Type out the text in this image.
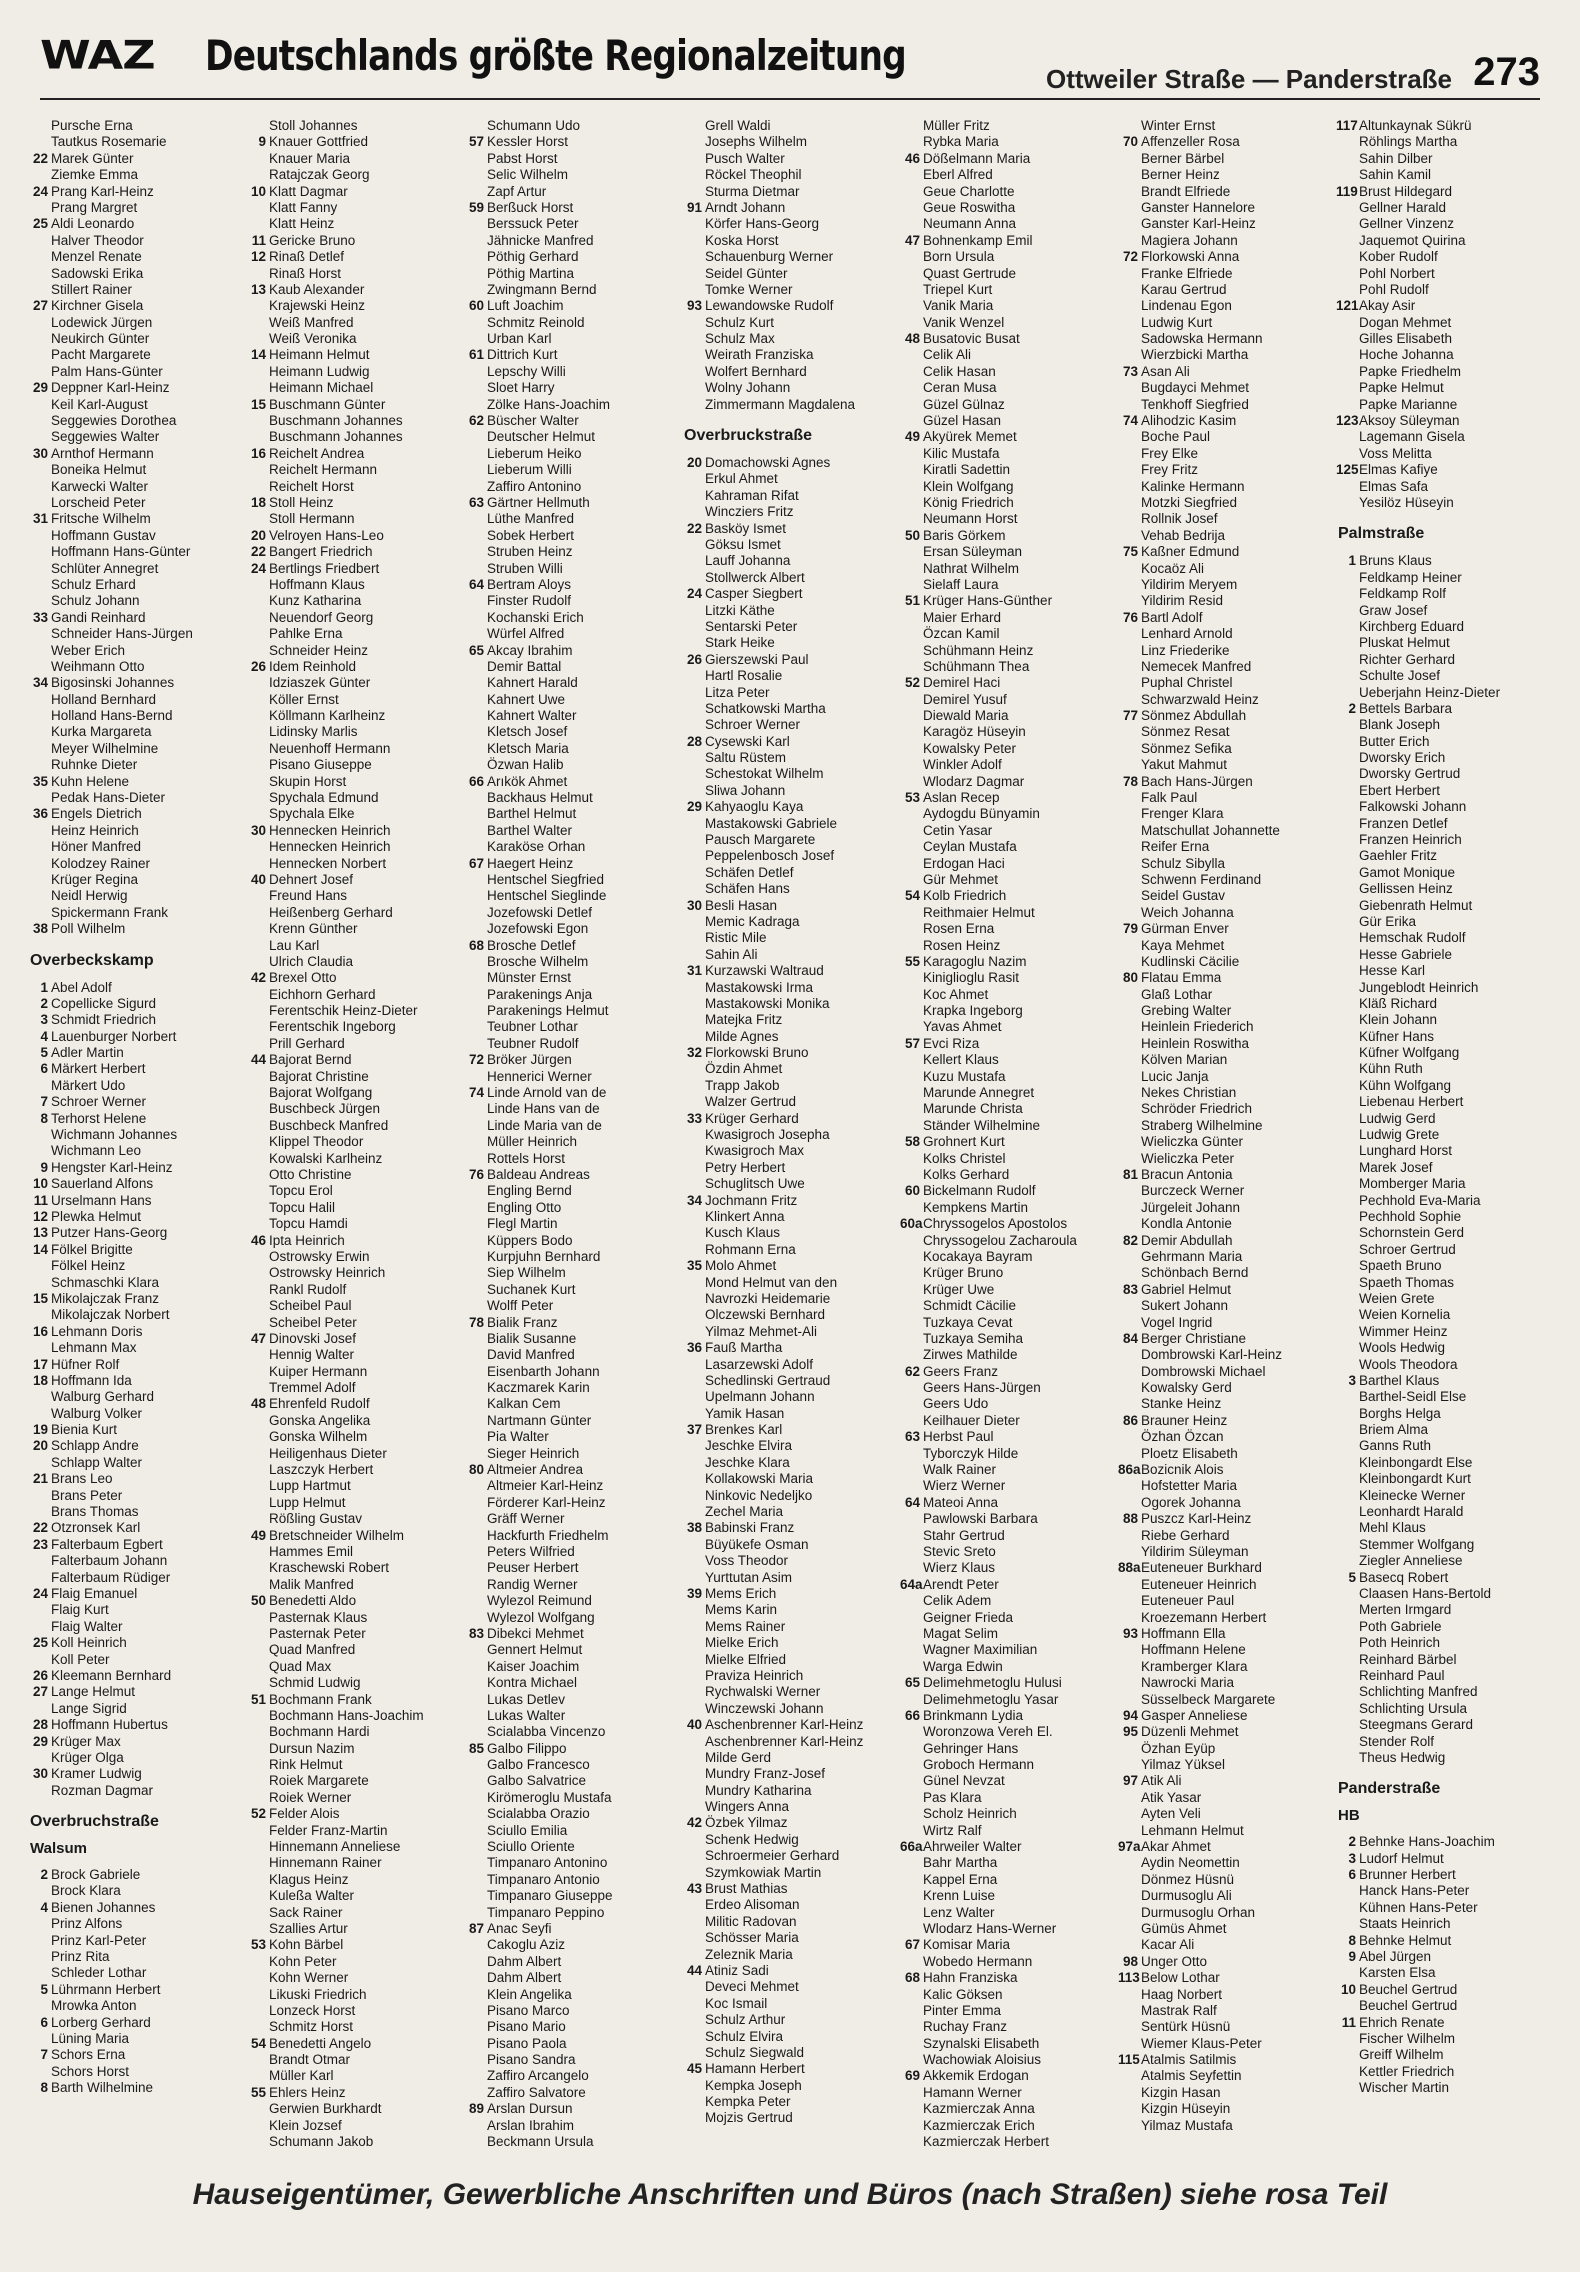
WAZ Deutschlands größte Regionalzeitung	Ottweiler Straße — Panderstraße 273
Pursche Erna
Tautkus Rosemarie
22 Marek Günter
Ziemke Emma
24 Prang Karl-Heinz
Prang Margret
25 Aldi Leonardo
Halver Theodor
Menzel Renate
Sadowski Erika
Stillert Rainer
27 Kirchner Gisela
Lodewick Jürgen
Neukirch Günter
Pacht Margarete
Palm Hans-Günter
29 Deppner Karl-Heinz
Keil Karl-August
Seggewies Dorothea
Seggewies Walter
30 Arnthof Hermann
Boneika Helmut
Karwecki Walter
Lorscheid Peter
31 Fritsche Wilhelm
Hoffmann Gustav
Hoffmann Hans-Günter
Schlüter Annegret
Schulz Erhard
Schulz Johann
33 Gandi Reinhard
Schneider Hans-Jürgen
Weber Erich
Weihmann Otto
34 Bigosinski Johannes
Holland Bernhard
Holland Hans-Bernd
Kurka Margareta
Meyer Wilhelmine
Ruhnke Dieter
35 Kuhn Helene
Pedak Hans-Dieter
36 Engels Dietrich
Heinz Heinrich
Höner Manfred
Kolodzey Rainer
Krüger Regina
Neidl Herwig
Spickermann Frank
38 Poll Wilhelm
Overbeckskamp
1 Abel Adolf
2 Copellicke Sigurd
3 Schmidt Friedrich
4 Lauenburger Norbert
5 Adler Martin
6 Märkert Herbert
Märkert Udo
7 Schroer Werner
8 Terhorst Helene
Wichmann Johannes
Wichmann Leo
9 Hengster Karl-Heinz
10 Sauerland Alfons
11 Urselmann Hans
12 Plewka Helmut
13 Putzer Hans-Georg
14 Fölkel Brigitte
Fölkel Heinz
Schmaschki Klara
15 Mikolajczak Franz
Mikolajczak Norbert
16 Lehmann Doris
Lehmann Max
17 Hüfner Rolf
18 Hoffmann Ida
Walburg Gerhard
Walburg Volker
19 Bienia Kurt
20 Schlapp Andre
Schlapp Walter
21 Brans Leo
Brans Peter
Brans Thomas
22 Otzronsek Karl
23 Falterbaum Egbert
Falterbaum Johann
Falterbaum Rüdiger
24 Flaig Emanuel
Flaig Kurt
Flaig Walter
25 Koll Heinrich
Koll Peter
26 Kleemann Bernhard
27 Lange Helmut
Lange Sigrid
28 Hoffmann Hubertus
29 Krüger Max
Krüger Olga
30 Kramer Ludwig
Rozman Dagmar
Overbruchstraße
Walsum
2 Brock Gabriele
Brock Klara
4 Bienen Johannes
Prinz Alfons
Prinz Karl-Peter
Prinz Rita
Schleder Lothar
5 Lührmann Herbert
Mrowka Anton
6 Lorberg Gerhard
Lüning Maria
7 Schors Erna
Schors Horst
8 Barth Wilhelmine
Stoll Johannes
9 Knauer Gottfried
Knauer Maria
Ratajczak Georg
10 Klatt Dagmar
Klatt Fanny
Klatt Heinz
11 Gericke Bruno
12 Rinaß Detlef
Rinaß Horst
13 Kaub Alexander
Krajewski Heinz
Weiß Manfred
Weiß Veronika
14 Heimann Helmut
Heimann Ludwig
Heimann Michael
15 Buschmann Günter
Buschmann Johannes
Buschmann Johannes
16 Reichelt Andrea
Reichelt Hermann
Reichelt Horst
18 Stoll Heinz
Stoll Hermann
20 Velroyen Hans-Leo
22 Bangert Friedrich
24 Bertlings Friedbert
Hoffmann Klaus
Kunz Katharina
Neuendorf Georg
Pahlke Erna
Schneider Heinz
26 Idem Reinhold
Idziaszek Günter
Köller Ernst
Köllmann Karlheinz
Lidinsky Marlis
Neuenhoff Hermann
Pisano Giuseppe
Skupin Horst
Spychala Edmund
Spychala Elke
30 Hennecken Heinrich
Hennecken Heinrich
Hennecken Norbert
40 Dehnert Josef
Freund Hans
Heißenberg Gerhard
Krenn Günther
Lau Karl
Ulrich Claudia
42 Brexel Otto
Eichhorn Gerhard
Ferentschik Heinz-Dieter
Ferentschik Ingeborg
Prill Gerhard
44 Bajorat Bernd
Bajorat Christine
Bajorat Wolfgang
Buschbeck Jürgen
Buschbeck Manfred
Klippel Theodor
Kowalski Karlheinz
Otto Christine
Topcu Erol
Topcu Halil
Topcu Hamdi
46 Ipta Heinrich
Ostrowsky Erwin
Ostrowsky Heinrich
Rankl Rudolf
Scheibel Paul
Scheibel Peter
47 Dinovski Josef
Hennig Walter
Kuiper Hermann
Tremmel Adolf
48 Ehrenfeld Rudolf
Gonska Angelika
Gonska Wilhelm
Heiligenhaus Dieter
Laszczyk Herbert
Lupp Hartmut
Lupp Helmut
Rößling Gustav
49 Bretschneider Wilhelm
Hammes Emil
Kraschewski Robert
Malik Manfred
50 Benedetti Aldo
Pasternak Klaus
Pasternak Peter
Quad Manfred
Quad Max
Schmid Ludwig
51 Bochmann Frank
Bochmann Hans-Joachim
Bochmann Hardi
Dursun Nazim
Rink Helmut
Roiek Margarete
Roiek Werner
52 Felder Alois
Felder Franz-Martin
Hinnemann Anneliese
Hinnemann Rainer
Klagus Heinz
Kuleßa Walter
Sack Rainer
Szallies Artur
53 Kohn Bärbel
Kohn Peter
Kohn Werner
Likuski Friedrich
Lonzeck Horst
Schmitz Horst
54 Benedetti Angelo
Brandt Otmar
Müller Karl
55 Ehlers Heinz
Gerwien Burkhardt
Klein Jozsef
Schumann Jakob
Schumann Udo
57 Kessler Horst
Pabst Horst
Selic Wilhelm
Zapf Artur
59 Berßuck Horst
Berssuck Peter
Jähnicke Manfred
Pöthig Gerhard
Pöthig Martina
Zwingmann Bernd
60 Luft Joachim
Schmitz Reinold
Urban Karl
61 Dittrich Kurt
Lepschy Willi
Sloet Harry
Zölke Hans-Joachim
62 Büscher Walter
Deutscher Helmut
Lieberum Heiko
Lieberum Willi
Zaffiro Antonino
63 Gärtner Hellmuth
Lüthe Manfred
Sobek Herbert
Struben Heinz
Struben Willi
64 Bertram Aloys
Finster Rudolf
Kochanski Erich
Würfel Alfred
65 Akcay Ibrahim
Demir Battal
Kahnert Harald
Kahnert Uwe
Kahnert Walter
Kletsch Josef
Kletsch Maria
Özwan Halib
66 Arıkök Ahmet
Backhaus Helmut
Barthel Helmut
Barthel Walter
Karaköse Orhan
67 Haegert Heinz
Hentschel Siegfried
Hentschel Sieglinde
Jozefowski Detlef
Jozefowski Egon
68 Brosche Detlef
Brosche Wilhelm
Münster Ernst
Parakenings Anja
Parakenings Helmut
Teubner Lothar
Teubner Rudolf
72 Bröker Jürgen
Hennerici Werner
74 Linde Arnold van de
Linde Hans van de
Linde Maria van de
Müller Heinrich
Rottels Horst
76 Baldeau Andreas
Engling Bernd
Engling Otto
Flegl Martin
Küppers Bodo
Kurpjuhn Bernhard
Siep Wilhelm
Suchanek Kurt
Wolff Peter
78 Bialik Franz
Bialik Susanne
David Manfred
Eisenbarth Johann
Kaczmarek Karin
Kalkan Cem
Nartmann Günter
Pia Walter
Sieger Heinrich
80 Altmeier Andrea
Altmeier Karl-Heinz
Förderer Karl-Heinz
Gräff Werner
Hackfurth Friedhelm
Peters Wilfried
Peuser Herbert
Randig Werner
Wylezol Reimund
Wylezol Wolfgang
83 Dibekci Mehmet
Gennert Helmut
Kaiser Joachim
Kontra Michael
Lukas Detlev
Lukas Walter
Scialabba Vincenzo
85 Galbo Filippo
Galbo Francesco
Galbo Salvatrice
Kirömeroglu Mustafa
Scialabba Orazio
Sciullo Emilia
Sciullo Oriente
Timpanaro Antonino
Timpanaro Antonio
Timpanaro Giuseppe
Timpanaro Peppino
87 Anac Seyfi
Cakoglu Aziz
Dahm Albert
Dahm Albert
Klein Angelika
Pisano Marco
Pisano Mario
Pisano Paola
Pisano Sandra
Zaffiro Arcangelo
Zaffiro Salvatore
89 Arslan Dursun
Arslan Ibrahim
Beckmann Ursula
Grell Waldi
Josephs Wilhelm
Pusch Walter
Röckel Theophil
Sturma Dietmar
91 Arndt Johann
Körfer Hans-Georg
Koska Horst
Schauenburg Werner
Seidel Günter
Tomke Werner
93 Lewandowske Rudolf
Schulz Kurt
Schulz Max
Weirath Franziska
Wolfert Bernhard
Wolny Johann
Zimmermann Magdalena
Overbruckstraße
20 Domachowski Agnes
Erkul Ahmet
Kahraman Rifat
Wincziers Fritz
22 Basköy Ismet
Göksu Ismet
Lauff Johanna
Stollwerck Albert
24 Casper Siegbert
Litzki Käthe
Sentarski Peter
Stark Heike
26 Gierszewski Paul
Hartl Rosalie
Litza Peter
Schatkowski Martha
Schroer Werner
28 Cysewski Karl
Saltu Rüstem
Schestokat Wilhelm
Sliwa Johann
29 Kahyaoglu Kaya
Mastakowski Gabriele
Pausch Margarete
Peppelenbosch Josef
Schäfen Detlef
Schäfen Hans
30 Besli Hasan
Memic Kadraga
Ristic Mile
Sahin Ali
31 Kurzawski Waltraud
Mastakowski Irma
Mastakowski Monika
Matejka Fritz
Milde Agnes
32 Florkowski Bruno
Özdin Ahmet
Trapp Jakob
Walzer Gertrud
33 Krüger Gerhard
Kwasigroch Josepha
Kwasigroch Max
Petry Herbert
Schuglitsch Uwe
34 Jochmann Fritz
Klinkert Anna
Kusch Klaus
Rohmann Erna
35 Molo Ahmet
Mond Helmut van den
Navrozki Heidemarie
Olczewski Bernhard
Yilmaz Mehmet-Ali
36 Fauß Martha
Lasarzewski Adolf
Schedlinski Gertraud
Upelmann Johann
Yamik Hasan
37 Brenkes Karl
Jeschke Elvira
Jeschke Klara
Kollakowski Maria
Ninkovic Nedeljko
Zechel Maria
38 Babinski Franz
Büyükefe Osman
Voss Theodor
Yurttutan Asim
39 Mems Erich
Mems Karin
Mems Rainer
Mielke Erich
Mielke Elfried
Praviza Heinrich
Rychwalski Werner
Winczewski Johann
40 Aschenbrenner Karl-Heinz
Aschenbrenner Karl-Heinz
Milde Gerd
Mundry Franz-Josef
Mundry Katharina
Wingers Anna
42 Özbek Yilmaz
Schenk Hedwig
Schroermeier Gerhard
Szymkowiak Martin
43 Brust Mathias
Erdeo Alisoman
Militic Radovan
Schösser Maria
Zeleznik Maria
44 Atiniz Sadi
Deveci Mehmet
Koc Ismail
Schulz Arthur
Schulz Elvira
Schulz Siegwald
45 Hamann Herbert
Kempka Joseph
Kempka Peter
Mojzis Gertrud
Müller Fritz
Rybka Maria
46 Dößelmann Maria
Eberl Alfred
Geue Charlotte
Geue Roswitha
Neumann Anna
47 Bohnenkamp Emil
Born Ursula
Quast Gertrude
Triepel Kurt
Vanik Maria
Vanik Wenzel
48 Busatovic Busat
Celik Ali
Celik Hasan
Ceran Musa
Güzel Gülnaz
Güzel Hasan
49 Akyürek Memet
Kilic Mustafa
Kiratli Sadettin
Klein Wolfgang
König Friedrich
Neumann Horst
50 Baris Görkem
Ersan Süleyman
Nathrat Wilhelm
Sielaff Laura
51 Krüger Hans-Günther
Maier Erhard
Özcan Kamil
Schühmann Heinz
Schühmann Thea
52 Demirel Haci
Demirel Yusuf
Diewald Maria
Karagöz Hüseyin
Kowalsky Peter
Winkler Adolf
Wlodarz Dagmar
53 Aslan Recep
Aydogdu Bünyamin
Cetin Yasar
Ceylan Mustafa
Erdogan Haci
Gür Mehmet
54 Kolb Friedrich
Reithmaier Helmut
Rosen Erna
Rosen Heinz
55 Karagoglu Nazim
Kiniglioglu Rasit
Koc Ahmet
Krapka Ingeborg
Yavas Ahmet
57 Evci Riza
Kellert Klaus
Kuzu Mustafa
Marunde Annegret
Marunde Christa
Ständer Wilhelmine
58 Grohnert Kurt
Kolks Christel
Kolks Gerhard
60 Bickelmann Rudolf
Kempkens Martin
60aChryssogelos Apostolos
Chryssogelou Zacharoula
Kocakaya Bayram
Krüger Bruno
Krüger Uwe
Schmidt Cäcilie
Tuzkaya Cevat
Tuzkaya Semiha
Zirwes Mathilde
62 Geers Franz
Geers Hans-Jürgen
Geers Udo
Keilhauer Dieter
63 Herbst Paul
Tyborczyk Hilde
Walk Rainer
Wierz Werner
64 Mateoi Anna
Pawlowski Barbara
Stahr Gertrud
Stevic Sreto
Wierz Klaus
64aArendt Peter
Celik Adem
Geigner Frieda
Magat Selim
Wagner Maximilian
Warga Edwin
65 Delimehmetoglu Hulusi
Delimehmetoglu Yasar
66 Brinkmann Lydia
Woronzowa Vereh El.
Gehringer Hans
Groboch Hermann
Günel Nevzat
Pas Klara
Scholz Heinrich
Wirtz Ralf
66aAhrweiler Walter
Bahr Martha
Kappel Erna
Krenn Luise
Lenz Walter
Wlodarz Hans-Werner
67 Komisar Maria
Wobedo Hermann
68 Hahn Franziska
Kalic Göksen
Pinter Emma
Ruchay Franz
Szynalski Elisabeth
Wachowiak Aloisius
69 Akkemik Erdogan
Hamann Werner
Kazmierczak Anna
Kazmierczak Erich
Kazmierczak Herbert
Winter Ernst
70 Affenzeller Rosa
Berner Bärbel
Berner Heinz
Brandt Elfriede
Ganster Hannelore
Ganster Karl-Heinz
Magiera Johann
72 Florkowski Anna
Franke Elfriede
Karau Gertrud
Lindenau Egon
Ludwig Kurt
Sadowska Hermann
Wierzbicki Martha
73 Asan Ali
Bugdayci Mehmet
Tenkhoff Siegfried
74 Alihodzic Kasim
Boche Paul
Frey Elke
Frey Fritz
Kalinke Hermann
Motzki Siegfried
Rollnik Josef
Vehab Bedrija
75 Kaßner Edmund
Kocaöz Ali
Yildirim Meryem
Yildirim Resid
76 Bartl Adolf
Lenhard Arnold
Linz Friederike
Nemecek Manfred
Puphal Christel
Schwarzwald Heinz
77 Sönmez Abdullah
Sönmez Resat
Sönmez Sefika
Yakut Mahmut
78 Bach Hans-Jürgen
Falk Paul
Frenger Klara
Matschullat Johannette
Reifer Erna
Schulz Sibylla
Schwenn Ferdinand
Seidel Gustav
Weich Johanna
79 Gürman Enver
Kaya Mehmet
Kudlinski Cäcilie
80 Flatau Emma
Glaß Lothar
Grebing Walter
Heinlein Friederich
Heinlein Roswitha
Kölven Marian
Lucic Janja
Nekes Christian
Schröder Friedrich
Straberg Wilhelmine
Wieliczka Günter
Wieliczka Peter
81 Bracun Antonia
Burczeck Werner
Jürgeleit Johann
Kondla Antonie
82 Demir Abdullah
Gehrmann Maria
Schönbach Bernd
83 Gabriel Helmut
Sukert Johann
Vogel Ingrid
84 Berger Christiane
Dombrowski Karl-Heinz
Dombrowski Michael
Kowalsky Gerd
Stanke Heinz
86 Brauner Heinz
Özhan Özcan
Ploetz Elisabeth
86aBozicnik Alois
Hofstetter Maria
Ogorek Johanna
88 Puszcz Karl-Heinz
Riebe Gerhard
Yildirim Süleyman
88aEuteneuer Burkhard
Euteneuer Heinrich
Euteneuer Paul
Kroezemann Herbert
93 Hoffmann Ella
Hoffmann Helene
Kramberger Klara
Nawrocki Maria
Süsselbeck Margarete
94 Gasper Anneliese
95 Düzenli Mehmet
Özhan Eyüp
Yilmaz Yüksel
97 Atik Ali
Atik Yasar
Ayten Veli
Lehmann Helmut
97aAkar Ahmet
Aydin Neomettin
Dönmez Hüsnü
Durmusoglu Ali
Durmusoglu Orhan
Gümüs Ahmet
Kacar Ali
98 Unger Otto
113Below Lothar
Haag Norbert
Mastrak Ralf
Sentürk Hüsnü
Wiemer Klaus-Peter
115Atalmis Satilmis
Atalmis Seyfettin
Kizgin Hasan
Kizgin Hüseyin
Yilmaz Mustafa
117Altunkaynak Sükrü
Röhlings Martha
Sahin Dilber
Sahin Kamil
119Brust Hildegard
Gellner Harald
Gellner Vinzenz
Jaquemot Quirina
Kober Rudolf
Pohl Norbert
Pohl Rudolf
121Akay Asir
Dogan Mehmet
Gilles Elisabeth
Hoche Johanna
Papke Friedhelm
Papke Helmut
Papke Marianne
123Aksoy Süleyman
Lagemann Gisela
Voss Melitta
125Elmas Kafiye
Elmas Safa
Yesilöz Hüseyin
Palmstraße
1 Bruns Klaus
Feldkamp Heiner
Feldkamp Rolf
Graw Josef
Kirchberg Eduard
Pluskat Helmut
Richter Gerhard
Schulte Josef
Ueberjahn Heinz-Dieter
2 Bettels Barbara
Blank Joseph
Butter Erich
Dworsky Erich
Dworsky Gertrud
Ebert Herbert
Falkowski Johann
Franzen Detlef
Franzen Heinrich
Gaehler Fritz
Gamot Monique
Gellissen Heinz
Giebenrath Helmut
Gür Erika
Hemschak Rudolf
Hesse Gabriele
Hesse Karl
Jungeblodt Heinrich
Kläß Richard
Klein Johann
Küfner Hans
Küfner Wolfgang
Kühn Ruth
Kühn Wolfgang
Liebenau Herbert
Ludwig Gerd
Ludwig Grete
Lunghard Horst
Marek Josef
Momberger Maria
Pechhold Eva-Maria
Pechhold Sophie
Schornstein Gerd
Schroer Gertrud
Spaeth Bruno
Spaeth Thomas
Weien Grete
Weien Kornelia
Wimmer Heinz
Wools Hedwig
Wools Theodora
3 Barthel Klaus
Barthel-Seidl Else
Borghs Helga
Briem Alma
Ganns Ruth
Kleinbongardt Else
Kleinbongardt Kurt
Kleinecke Werner
Leonhardt Harald
Mehl Klaus
Stemmer Wolfgang
Ziegler Anneliese
5 Basecq Robert
Claasen Hans-Bertold
Merten Irmgard
Poth Gabriele
Poth Heinrich
Reinhard Bärbel
Reinhard Paul
Schlichting Manfred
Schlichting Ursula
Steegmans Gerard
Stender Rolf
Theus Hedwig
Panderstraße
HB
2 Behnke Hans-Joachim
3 Ludorf Helmut
6 Brunner Herbert
Hanck Hans-Peter
Kühnen Hans-Peter
Staats Heinrich
8 Behnke Helmut
9 Abel Jürgen
Karsten Elsa
10 Beuchel Gertrud
Beuchel Gertrud
11 Ehrich Renate
Fischer Wilhelm
Greiff Wilhelm
Kettler Friedrich
Wischer Martin
Hauseigentümer, Gewerbliche Anschriften und Büros (nach Straßen) siehe rosa Teil
